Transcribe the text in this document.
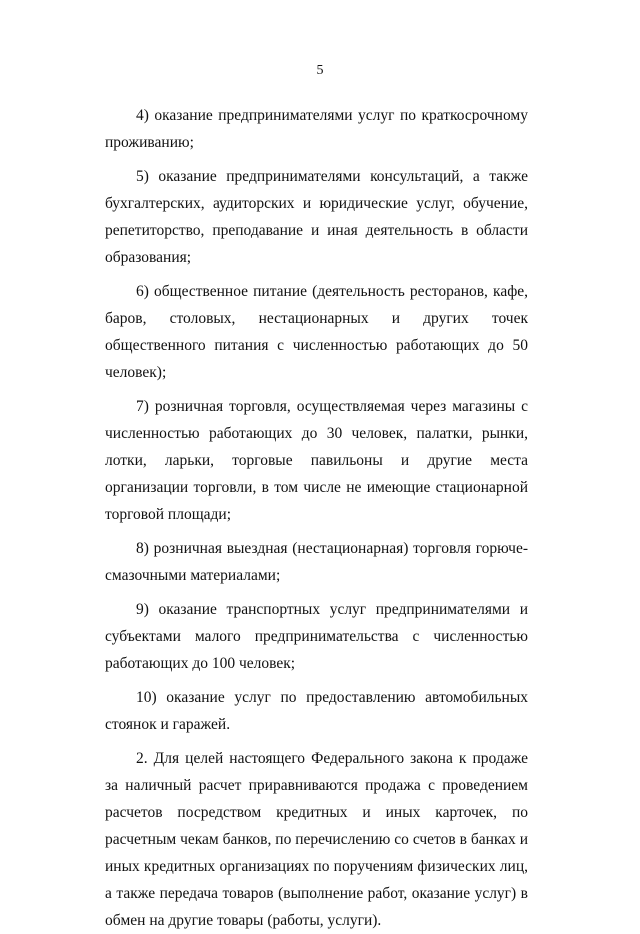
5

4) оказание предпринимателями услуг по краткосрочному проживанию;

5) оказание предпринимателями консультаций, а также бухгалтерских, аудиторских и юридические услуг, обучение, репетиторство, преподавание и иная деятельность в области образования;

6) общественное питание (деятельность ресторанов, кафе, баров, столовых, нестационарных и других точек общественного питания с численностью работающих до 50 человек);

7) розничная торговля, осуществляемая через магазины с численностью работающих до 30 человек, палатки, рынки, лотки, ларьки, торговые павильоны и другие места организации торговли, в том числе не имеющие стационарной торговой площади;

8) розничная выездная (нестационарная) торговля горюче-смазочными материалами;

9) оказание транспортных услуг предпринимателями и субъектами малого предпринимательства с численностью работающих до 100 человек;

10) оказание услуг по предоставлению автомобильных стоянок и гаражей.

2. Для целей настоящего Федерального закона к продаже за наличный расчет приравниваются продажа с проведением расчетов посредством кредитных и иных карточек, по расчетным чекам банков, по перечислению со счетов в банках и иных кредитных организациях по поручениям физических лиц, а также передача товаров (выполнение работ, оказание услуг) в обмен на другие товары (работы, услуги).
